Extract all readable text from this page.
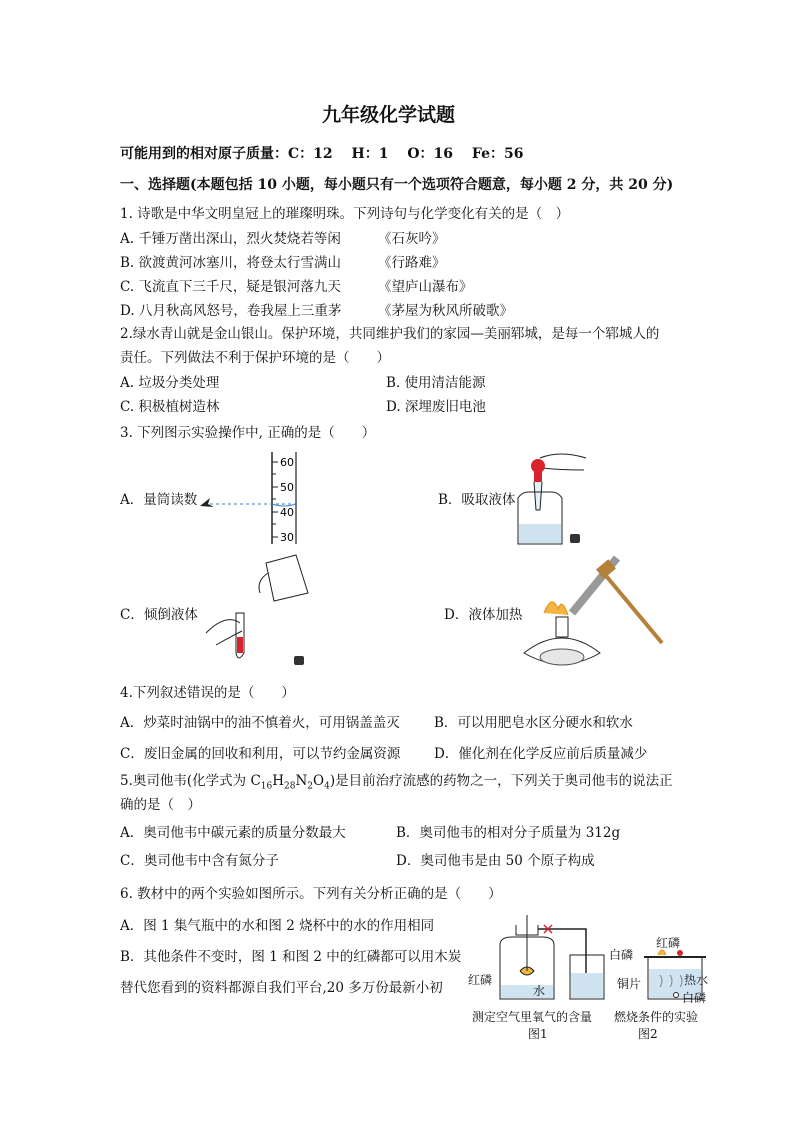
九年级化学试题
可能用到的相对原子质量：C：12　 H：1　 O：16　 Fe：56
一、选择题(本题包括 10 小题，每小题只有一个选项符合题意，每小题 2 分，共 20 分)
1. 诗歌是中华文明皇冠上的璀璨明珠。下列诗句与化学变化有关的是（　）
A. 千锤万凿出深山，烈火焚烧若等闲	《石灰吟》
B. 欲渡黄河冰塞川，将登太行雪满山	《行路难》
C. 飞流直下三千尺，疑是银河落九天	《望庐山瀑布》
D. 八月秋高风怒号，卷我屋上三重茅	《茅屋为秋风所破歌》
2.绿水青山就是金山银山。保护环境，共同维护我们的家园—美丽郓城，是每一个郓城人的
责任。下列做法不利于保护环境的是（　　）
A. 垃圾分类处理	B. 使用清洁能源
C. 积极植树造林	D. 深埋废旧电池
3. 下列图示实验操作中, 正确的是（　　）
A．量筒读数	B．吸取液体
C．倾倒液体	D．液体加热
60
50
40
30
4.下列叙述错误的是（　　）
A．炒菜时油锅中的油不慎着火，可用锅盖盖灭	B．可以用肥皂水区分硬水和软水
C．废旧金属的回收和利用，可以节约金属资源 D．催化剂在化学反应前后质量减少
5.奥司他韦(化学式为 $C_{16}H_{28}N_2O_4$)是目前治疗流感的药物之一，下列关于奥司他韦的说法正
确的是（　）
A．奥司他韦中碳元素的质量分数最大	B．奥司他韦的相对分子质量为 312g
C．奥司他韦中含有氮分子	D．奥司他韦是由 50 个原子构成
6. 教材中的两个实验如图所示。下列有关分析正确的是（　　）
A．图 1 集气瓶中的水和图 2 烧杯中的水的作用相同
B．其他条件不变时，图 1 和图 2 中的红磷都可以用木炭
替代您看到的资料都源自我们平台,20 多万份最新小初 红磷
水
测定空气里氧气的含量
图1
白磷
红磷
铜片	热水
白磷
燃烧条件的实验
图2
